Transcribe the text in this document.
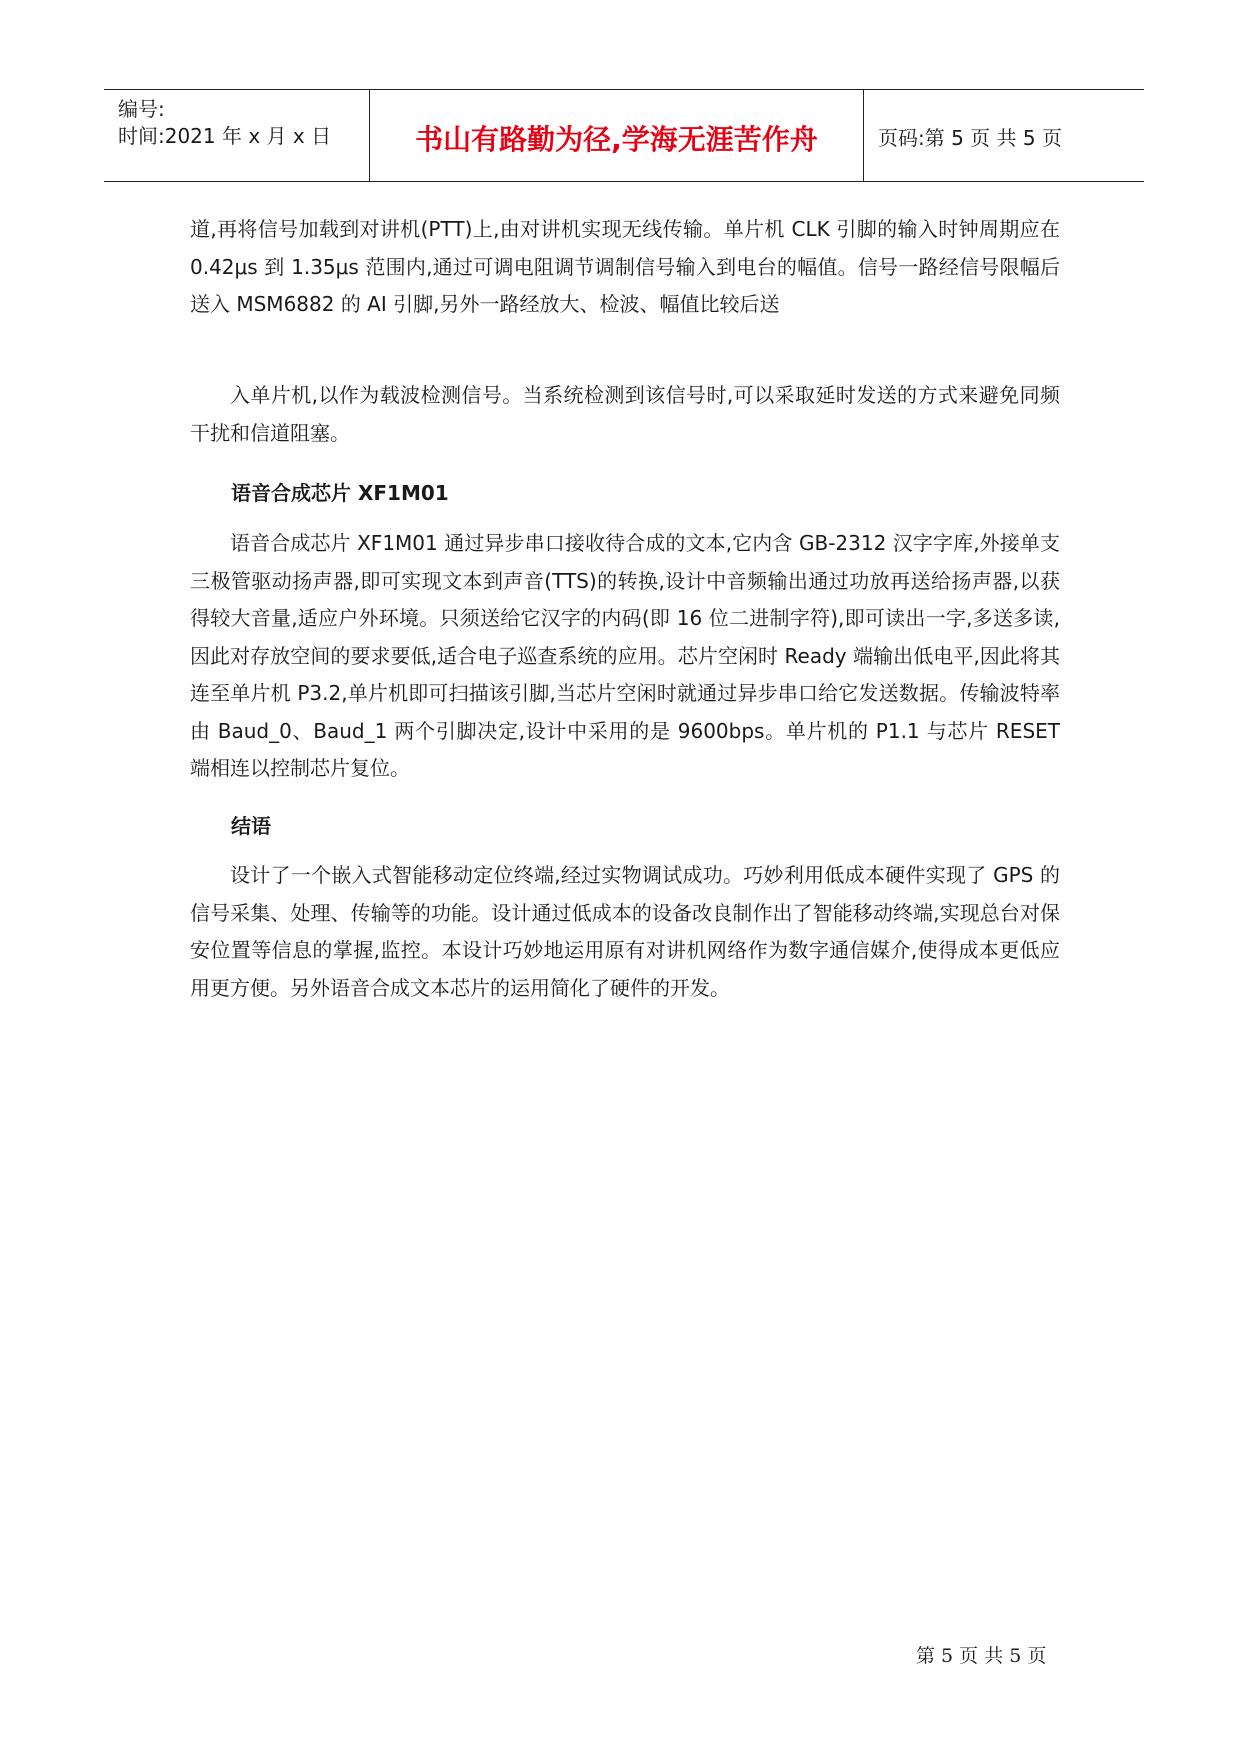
编号:
时间:2021 年 x 月 x 日	书山有路勤为径,学海无涯苦作舟	页码:第 5 页 共 5 页

道,再将信号加载到对讲机(PTT)上,由对讲机实现无线传输。单片机 CLK 引脚的输入时钟周期应在 0.42μs 到 1.35μs 范围内,通过可调电阻调节调制信号输入到电台的幅值。信号一路经信号限幅后送入 MSM6882 的 AI 引脚,另外一路经放大、检波、幅值比较后送

入单片机,以作为载波检测信号。当系统检测到该信号时,可以采取延时发送的方式来避免同频干扰和信道阻塞。

语音合成芯片 XF1M01

语音合成芯片 XF1M01 通过异步串口接收待合成的文本,它内含 GB-2312 汉字字库,外接单支三极管驱动扬声器,即可实现文本到声音(TTS)的转换,设计中音频输出通过功放再送给扬声器,以获得较大音量,适应户外环境。只须送给它汉字的内码(即 16 位二进制字符),即可读出一字,多送多读,因此对存放空间的要求要低,适合电子巡查系统的应用。芯片空闲时 Ready 端输出低电平,因此将其连至单片机 P3.2,单片机即可扫描该引脚,当芯片空闲时就通过异步串口给它发送数据。传输波特率由 Baud_0、Baud_1 两个引脚决定,设计中采用的是 9600bps。单片机的 P1.1 与芯片 RESET 端相连以控制芯片复位。

结语

设计了一个嵌入式智能移动定位终端,经过实物调试成功。巧妙利用低成本硬件实现了 GPS 的信号采集、处理、传输等的功能。设计通过低成本的设备改良制作出了智能移动终端,实现总台对保安位置等信息的掌握,监控。本设计巧妙地运用原有对讲机网络作为数字通信媒介,使得成本更低应用更方便。另外语音合成文本芯片的运用简化了硬件的开发。

第 5 页 共 5 页
